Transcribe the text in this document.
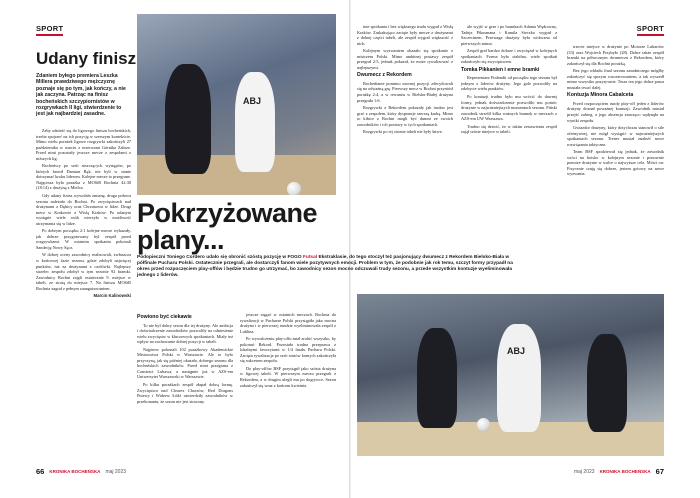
SPORT	SPORT
Udany finisz
Zdaniem byłego premiera Leszka Millera prawdziwego mężczyznę poznaje się po tym, jak kończy, a nie jak zaczyna. Patrząc na finisz bocheńskich szczypiornistów w rozgrywkach II ligi, stwierdzenie to jest jak najbardziej zasadne.

Zeby odnieść się do ligowego finiszu bocheńskich, trzeba spojrzeć na ich pozycję w szerszym kontekście. Mimo wielu porażek ligowe rozgrywki zakończyli 27 października w starciu z rezerwami Górnika Zabrze. Przed nimi pozostały jeszcze mecze z zespołami z niższych lig.

Bocheńscy po serii niszczących występów, po których bronił Damian Bąk, nie byli w stanie dotrzymać kroku liderom. Kolejne mecze to przegrane. Najgorsza była porażka z MOSiR Bochnia 42:30 (18:14) z drużyną z Mielca.

Gdy udany finisz wywołała zmianę, druga połowa sezonu należała do Bochni. Po zwycięstwach nad drużynami z Dębicy oraz Chrzanowa w lidze. Drugi mecz w Krakowie z Wisłą Kraków. Po udanym występie wiele osób wierzyło w możliwość utrzymania się w lidze.

Po dobrym początku 2:1 kolejne mecze wykazały, jak dobrze przygotowany był zespół przed rozgrywkami. W ostatnim spotkaniu pokonali Sandecję Nowy Sącz.

W dobrej oceny zawodnicy realizowali, zwłaszcza w końcowej fazie sezonu, gdzie zdobyli najwięcej punktów, tuż za drużynami z czołówki. Najlepszy strzelec zespołu zdobył w tym sezonie 92 bramki. Zawodnicy Bochni zajęli ostatecznie 9. miejsce w tabeli, ze stratą do miejsca 7. Na finiszu MOSiR Bochnia zagrał z pełnym zaangażowaniem.

Marcin Kalinowski

ABJ
Pokrzyżowane plany...
Podopieczni Toniego Cordero udało się obronić szóstą pozycję w FOGO Futsal Ekstraklasie, do tego stoczył też pasjonujący dwumecz z Rekordem Bielsko-Biała w półfinale Pucharu Polski. Ostatecznie przegrali, ale dostarczyli fanom wiele pozytywnych emocji. Problem w tym, że podobnie jak rok temu, szczyt formy przypadł na okres przed rozpoczęciem play-offów i będzie trudno go utrzymać, bo zawodnicy sezon mocno odczuwali trudy sezonu, a przede wszystkim kontuzje wyeliminowała jednego z liderów.
Powiono być ciekawie

To nie był dobry sezon dla tej drużyny. Ale ambicja i doświadczenie zawodników pozwoliły na odniesienie wielu zwycięstw w kluczowych spotkaniach. Miały też wpływ na zachowanie dobrej pozycji w tabeli.

Najpierw pokonali 102 porażkowy Akademickie Mistrzostwa Polski w Warszawie. Ale to było przyczyną, jak się później okazało, dobrego sezonu dla bocheńskich zawodników. Przed nimi przegrana z Constract Lubawa, a następnie już w AZS-em Uniwersytet Warszawski w Warszawie.

Po kilku porażkach zespół złapał dobrą formę. Zwycięstwa nad Clearex Chorzów, Red Dragons Pniewy i Widzew Łódź utwierdziły zawodników w przekonaniu, że sezon nie jest stracony.

jeszcze sięgać w ostatnich meczach. Bochnia do rywalizacji w Pucharze Polski przystąpiła jako mocna drużyna i w pierwszej rundzie wyeliminowała zespół z Lublina.

Po wywalczeniu play-offu miał zrobić wszystko, by pokonać Rekord. Pozostała trudna przeprawa z lokalnymi faworytami w 1/4 finału Pucharu Polski. Zacięta rywalizacja po serii rzutów karnych zakończyła się sukcesem zespołu.

Do play-offów BSF przystąpił jako szósta drużyna w ligowej tabeli. W pierwszym meczu przegrali z Rekordem, a w drugim ulegli mu po dogrywce. Sezon zakończył się wraz z końcem kwietnia.

tnie spotkania i bez większego trudu wygrał z Wisłą Kraków. Zaskakująco zacięte były mecze z drużynami z dolnej części tabeli, ale zespół wygrał większość z nich.

Kolejnym wyzwaniem okazało się spotkanie z mistrzem Polski. Mimo ambitnej postawy zespół przegrał 2:5, jednak pokazał, że może rywalizować z najlepszymi.

Dwumecz z Rekordem

Bocheńianie pomimo mocnej pozycji zdecydowali się na odważną grę. Pierwszy mecz w Bochni przyniósł porażkę 2:4, a w rewanżu w Bielsku-Białej drużyna przegrała 1:6.

Rozgrywki z Rekordem pokazały jak trudno jest grać z zespołem, który dysponuje szerszą kadrą. Mimo to kibice z Bochni mogli być dumni ze swoich zawodników i ich postawy w tych spotkaniach.

Rozgrywki po tej stronie tabeli nie były łatwe.

ale wyjść w grze i po bramkach Adama Wędrowny, Tadeja Pikusmana i Kamila Sieczko wygrał z Szczecinem. Przewaga drużyny była widoczna od pierwszych minut.

Zespół grał bardzo dobrze i zwyciężał w kolejnych spotkaniach. Forma była stabilna, wiele spotkań zakończyło się zwycięstwem.

Tomka Pikkanien i emne bramki

Reprezentant Finlandii od początku tego sezonu był jednym z liderów drużyny. Jego gole pozwoliły na zdobycie wielu punktów.

Po kontuzji trudno było mu wrócić do dawnej formy, jednak doświadczenie pozwoliło mu pomóc drużynie w najważniejszych momentach sezonu. Fiński zawodnik strzelił kilka ważnych bramek w meczach z AZS-em UW Warszawa.

Trudno się dziwić, że w takim zestawieniu zespół zajął szóste miejsce w tabeli.

trzecie miejsce w drużynie po Motorze Lubartów (33) oraz Wojciech Przybyło (28). Dobre także zespół bramki na półrocznym dwumeczu z Rekordem, który zakończył się dla Bochni porażką.

Bez jego wkładu final sezonu zasadniczego mógłby zakończyć się sporym rozczarowaniem, a tak wyszedł mimo wszystko pozytywnie. Teraz ten jego dobra passa musiała trwać dalej.

Kontuzja Minora Cabalceta

Przed rozpoczęciem rundy play-off jeden z liderów drużyny doznał poważnej kontuzji. Zawodnik musiał przejść zabieg, a jego absencja znacząco wpłynęła na wyniki zespołu.

Gwiazdor drużyny, który dotychczas stanowił o sile ofensywnej, nie mógł wystąpić w najważniejszych spotkaniach sezonu. Trener musiał znaleźć nowe rozwiązania taktyczne.

Team BSF spodziewał się jednak, że zawodnik wróci na boisko w kolejnym sezonie i ponownie pomoże drużynie w walce o najwyższe cele. Mówi on: Fizycznie czuję się dobrze, jestem gotowy na nowe wyzwania.

ABJ
66 KRONIKA BOCHEŃSKA maj 2023	maj 2023 KRONIKA BOCHEŃSKA 67
